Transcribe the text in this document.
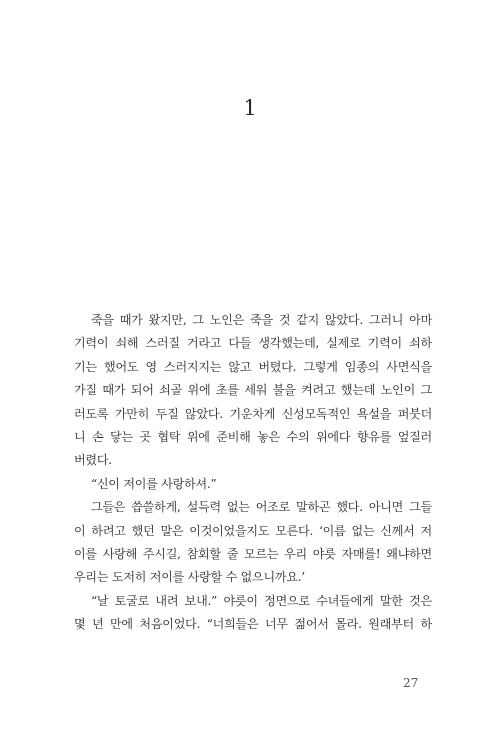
1
죽을 때가 왔지만, 그 노인은 죽을 것 같지 않았다. 그러니 아마
기력이 쇠해 스러질 거라고 다들 생각했는데, 실제로 기력이 쇠하
기는 했어도 영 스러지지는 않고 버텼다. 그렇게 임종의 사면식을
가질 때가 되어 쇠골 위에 초를 세워 불을 켜려고 했는데 노인이 그
러도록 가만히 두질 않았다. 기운차게 신성모독적인 욕설을 퍼붓더
니 손 닿는 곳 협탁 위에 준비해 놓은 수의 위에다 향유를 엎질러
버렸다.
“신이 저이를 사랑하셔.”
그들은 씁쓸하게, 설득력 없는 어조로 말하곤 했다. 아니면 그들
이 하려고 했던 말은 이것이었을지도 모른다. ‘이름 없는 신께서 저
이를 사랑해 주시길, 참회할 줄 모르는 우리 야릇 자매를! 왜냐하면
우리는 도저히 저이를 사랑할 수 없으니까요.’
“날 토굴로 내려 보내.” 야릇이 정면으로 수녀들에게 말한 것은
몇 년 만에 처음이었다. “너희들은 너무 젊어서 몰라. 원래부터 하
27
